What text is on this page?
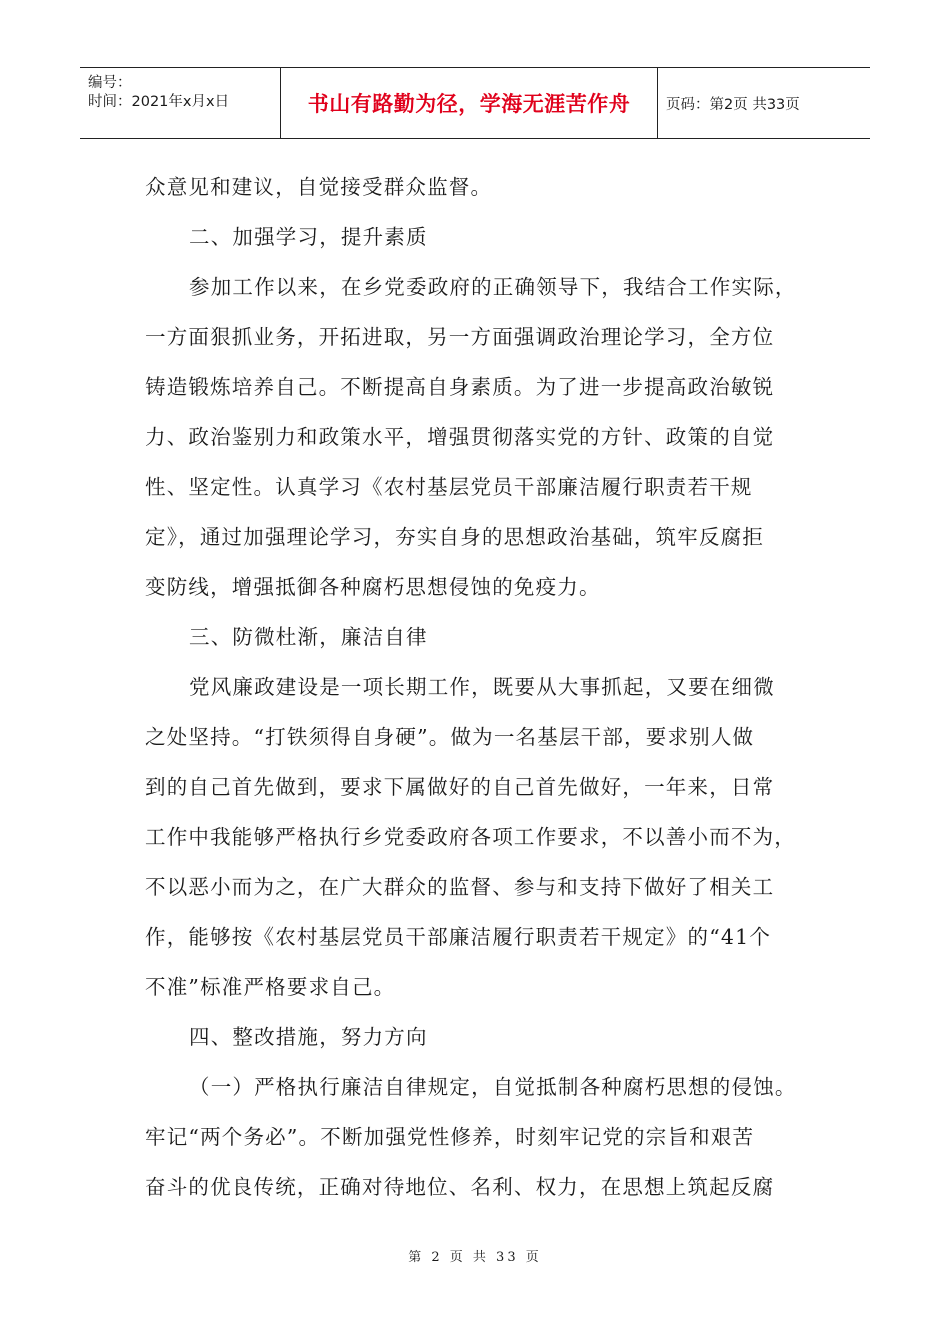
编号：
时间：2021年x月x日	书山有路勤为径，学海无涯苦作舟	页码：第2页 共33页
众意见和建议，自觉接受群众监督。
二、加强学习，提升素质
参加工作以来，在乡党委政府的正确领导下，我结合工作实际，
一方面狠抓业务，开拓进取，另一方面强调政治理论学习，全方位
铸造锻炼培养自己。不断提高自身素质。为了进一步提高政治敏锐
力、政治鉴别力和政策水平，增强贯彻落实党的方针、政策的自觉
性、坚定性。认真学习《农村基层党员干部廉洁履行职责若干规
定》，通过加强理论学习，夯实自身的思想政治基础，筑牢反腐拒
变防线，增强抵御各种腐朽思想侵蚀的免疫力。
三、防微杜渐，廉洁自律
党风廉政建设是一项长期工作，既要从大事抓起，又要在细微
之处坚持。“打铁须得自身硬”。做为一名基层干部，要求别人做
到的自己首先做到，要求下属做好的自己首先做好，一年来，日常
工作中我能够严格执行乡党委政府各项工作要求，不以善小而不为，
不以恶小而为之，在广大群众的监督、参与和支持下做好了相关工
作，能够按《农村基层党员干部廉洁履行职责若干规定》的“41个
不准”标准严格要求自己。
四、整改措施，努力方向
（一）严格执行廉洁自律规定，自觉抵制各种腐朽思想的侵蚀。
牢记“两个务必”。不断加强党性修养，时刻牢记党的宗旨和艰苦
奋斗的优良传统，正确对待地位、名利、权力，在思想上筑起反腐
第 2 页 共 33 页
